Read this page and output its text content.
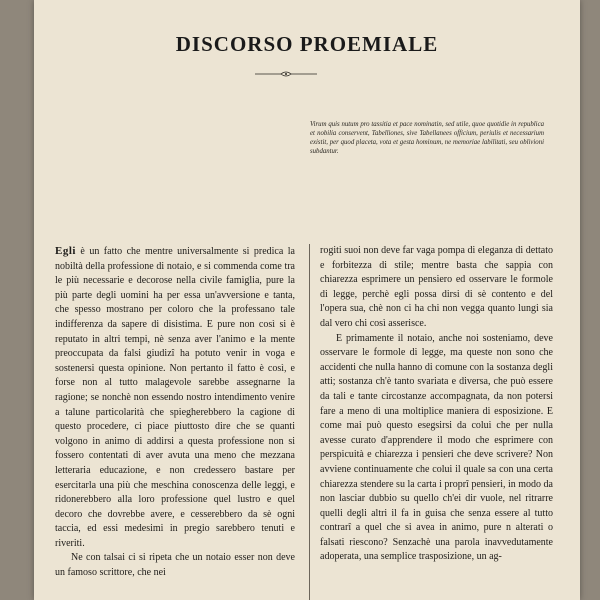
DISCORSO PROEMIALE
Virum quis nutum pro tassitia et pace nominatin, sed utile, quoe quotidie in republica et nobilia conservent, Tabelliones, sive Tabellanees officium, periulis et necessarium existit, per quod placeta, vota et gesta hominum, ne memoriae labilitati, seu oblivioni subdantur.

Egli è un fatto che mentre universalmente si predica la nobiltà della professione di notaio, e si commenda come tra le più necessarie e decorose nella civile famiglia, pure la più parte degli uomini ha per essa un'avversione e tanta, che spesso mostrano per coloro che la professano tale indifferenza da sapere di disistima. E pure non così si è reputato in altri tempi, nè senza aver l'animo e la mente preoccupata da falsi giudizî ha potuto venir in voga e sostenersi questa opinione. Non pertanto il fatto è così, e forse non al tutto malagevole sarebbe assegnarne la ragione; se nonchè non essendo nostro intendimento venire a talune particolarità che spiegherebbero la cagione di questo procedere, ci piace piuttosto dire che se quanti volgono in animo di addirsi a questa professione non si fossero contentati di aver avuta una meno che mezzana letteraria educazione, e non credessero bastare per esercitarla una più che meschina conoscenza delle leggi, e ridonerebbero alla loro professione quel lustro e quel decoro che dovrebbe avere, e cesserebbero da sè ogni taccia, ed essi medesimi in pregio sarebbero tenuti e riveriti.

Ne con talsai ci si ripeta che un notaio esser non deve un famoso scrittore, che nei

rogiti suoi non deve far vaga pompa di eleganza di dettato e forbitezza di stile; mentre basta che sappia con chiarezza esprimere un pensiero ed osservare le formole di legge, perchè egli possa dirsi di sè contento e del l'opera sua, chè non ci ha chi non vegga quanto lungi sia dal vero chi così asserisce.

E primamente il notaio, anche noi sosteniamo, deve osservare le formole di legge, ma queste non sono che accidenti che nulla hanno di comune con la sostanza degli atti; sostanza ch'è tanto svariata e diversa, che può essere da tali e tante circostanze accompagnata, da non potersi fare a meno di una moltiplice maniera di esposizione. E come mai può questo esegsirsi da colui che per nulla avesse curato d'apprendere il modo che esprimere con perspicuità e chiarezza i pensieri che deve scrivere? Non avviene continuamente che colui il quale sa con una certa chiarezza stendere su la carta i proprî pensieri, in modo da non lasciar dubbio su quello ch'ei dir vuole, nel ritrarre quelli degli altri il fa in guisa che senza essere al tutto contrarî a quel che si avea in animo, pure n alterati o falsati riescono? Senzachè una parola inavvedutamente adoperata, una semplice trasposizione, un ag-
